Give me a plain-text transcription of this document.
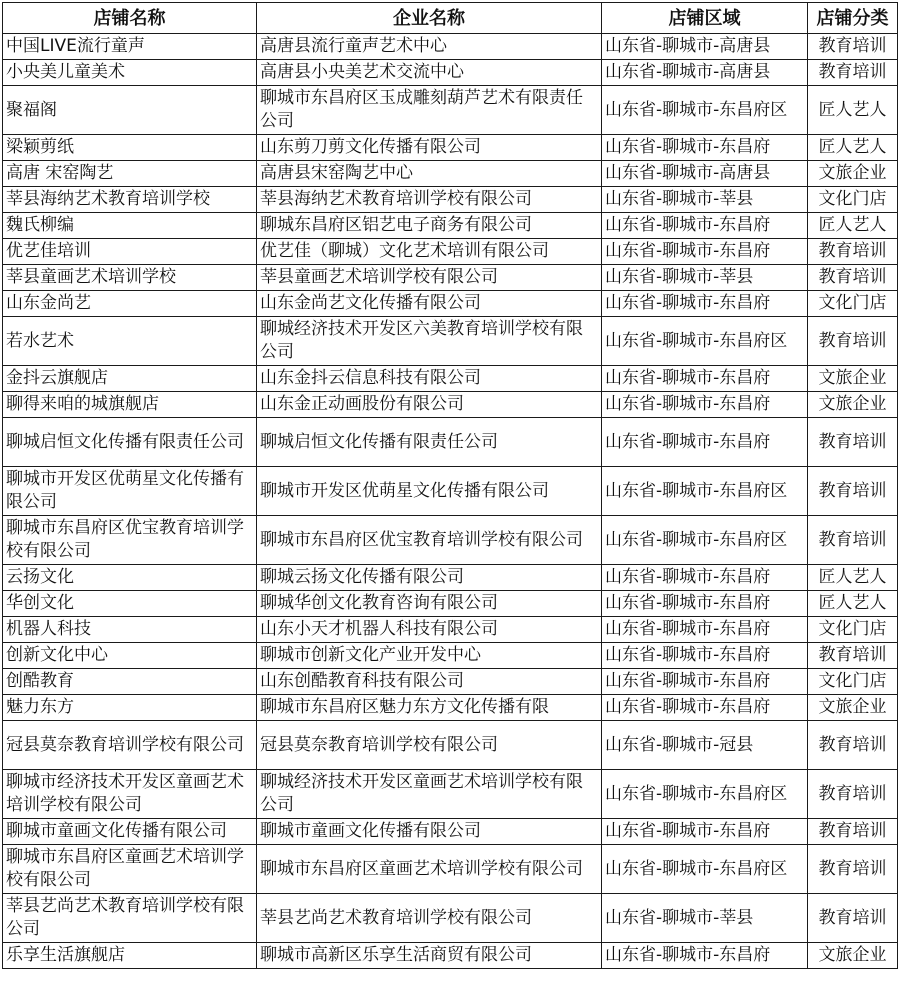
店铺名称	企业名称	店铺区域	店铺分类
中国LIVE流行童声	高唐县流行童声艺术中心	山东省-聊城市-高唐县	教育培训
小央美儿童美术	高唐县小央美艺术交流中心	山东省-聊城市-高唐县	教育培训
聚福阁	聊城市东昌府区玉成雕刻葫芦艺术有限责任公司	山东省-聊城市-东昌府区	匠人艺人
梁颖剪纸	山东剪刀剪文化传播有限公司	山东省-聊城市-东昌府	匠人艺人
高唐 宋窑陶艺	高唐县宋窑陶艺中心	山东省-聊城市-高唐县	文旅企业
莘县海纳艺术教育培训学校	莘县海纳艺术教育培训学校有限公司	山东省-聊城市-莘县	文化门店
魏氏柳编	聊城东昌府区铝艺电子商务有限公司	山东省-聊城市-东昌府	匠人艺人
优艺佳培训	优艺佳（聊城）文化艺术培训有限公司	山东省-聊城市-东昌府	教育培训
莘县童画艺术培训学校	莘县童画艺术培训学校有限公司	山东省-聊城市-莘县	教育培训
山东金尚艺	山东金尚艺文化传播有限公司	山东省-聊城市-东昌府	文化门店
若水艺术	聊城经济技术开发区六美教育培训学校有限公司	山东省-聊城市-东昌府区	教育培训
金抖云旗舰店	山东金抖云信息科技有限公司	山东省-聊城市-东昌府	文旅企业
聊得来咱的城旗舰店	山东金正动画股份有限公司	山东省-聊城市-东昌府	文旅企业
聊城启恒文化传播有限责任公司	聊城启恒文化传播有限责任公司	山东省-聊城市-东昌府	教育培训
聊城市开发区优萌星文化传播有限公司	聊城市开发区优萌星文化传播有限公司	山东省-聊城市-东昌府区	教育培训
聊城市东昌府区优宝教育培训学校有限公司	聊城市东昌府区优宝教育培训学校有限公司	山东省-聊城市-东昌府区	教育培训
云扬文化	聊城云扬文化传播有限公司	山东省-聊城市-东昌府	匠人艺人
华创文化	聊城华创文化教育咨询有限公司	山东省-聊城市-东昌府	匠人艺人
机器人科技	山东小天才机器人科技有限公司	山东省-聊城市-东昌府	文化门店
创新文化中心	聊城市创新文化产业开发中心	山东省-聊城市-东昌府	教育培训
创酷教育	山东创酷教育科技有限公司	山东省-聊城市-东昌府	文化门店
魅力东方	聊城市东昌府区魅力东方文化传播有限	山东省-聊城市-东昌府	文旅企业
冠县莫奈教育培训学校有限公司	冠县莫奈教育培训学校有限公司	山东省-聊城市-冠县	教育培训
聊城市经济技术开发区童画艺术培训学校有限公司	聊城经济技术开发区童画艺术培训学校有限公司	山东省-聊城市-东昌府区	教育培训
聊城市童画文化传播有限公司	聊城市童画文化传播有限公司	山东省-聊城市-东昌府	教育培训
聊城市东昌府区童画艺术培训学校有限公司	聊城市东昌府区童画艺术培训学校有限公司	山东省-聊城市-东昌府区	教育培训
莘县艺尚艺术教育培训学校有限公司	莘县艺尚艺术教育培训学校有限公司	山东省-聊城市-莘县	教育培训
乐享生活旗舰店	聊城市高新区乐享生活商贸有限公司	山东省-聊城市-东昌府	文旅企业
